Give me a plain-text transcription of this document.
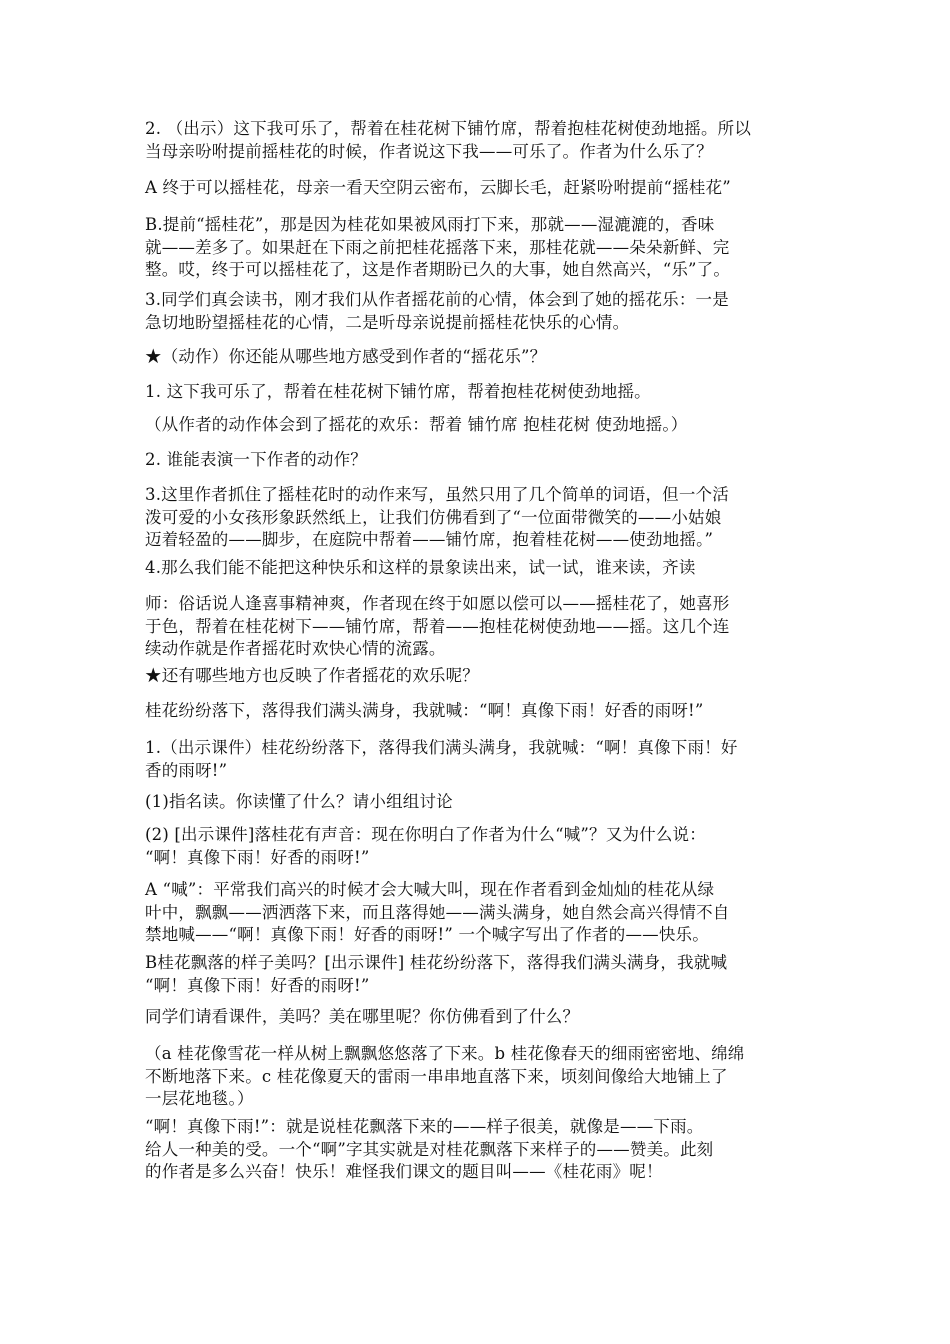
2. （出示）这下我可乐了，帮着在桂花树下铺竹席，帮着抱桂花树使劲地摇。所以
当母亲吩咐提前摇桂花的时候，作者说这下我——可乐了。作者为什么乐了？
A 终于可以摇桂花，母亲一看天空阴云密布，云脚长毛，赶紧吩咐提前“摇桂花”
B.提前“摇桂花”，那是因为桂花如果被风雨打下来，那就——湿漉漉的，香味
就——差多了。如果赶在下雨之前把桂花摇落下来，那桂花就——朵朵新鲜、完
整。哎，终于可以摇桂花了，这是作者期盼已久的大事，她自然高兴，“乐”了。
3.同学们真会读书，刚才我们从作者摇花前的心情，体会到了她的摇花乐：一是
急切地盼望摇桂花的心情，二是听母亲说提前摇桂花快乐的心情。
★（动作）你还能从哪些地方感受到作者的“摇花乐”？
1. 这下我可乐了，帮着在桂花树下铺竹席，帮着抱桂花树使劲地摇。
（从作者的动作体会到了摇花的欢乐：帮着 铺竹席 抱桂花树 使劲地摇。）
2. 谁能表演一下作者的动作？
3.这里作者抓住了摇桂花时的动作来写，虽然只用了几个简单的词语，但一个活
泼可爱的小女孩形象跃然纸上，让我们仿佛看到了“一位面带微笑的——小姑娘
迈着轻盈的——脚步，在庭院中帮着——铺竹席，抱着桂花树——使劲地摇。”
4.那么我们能不能把这种快乐和这样的景象读出来，试一试，谁来读，齐读
师：俗话说人逢喜事精神爽，作者现在终于如愿以偿可以——摇桂花了，她喜形
于色，帮着在桂花树下——铺竹席，帮着——抱桂花树使劲地——摇。这几个连
续动作就是作者摇花时欢快心情的流露。
★还有哪些地方也反映了作者摇花的欢乐呢？
桂花纷纷落下，落得我们满头满身，我就喊：“啊！真像下雨！好香的雨呀!”
1.（出示课件）桂花纷纷落下，落得我们满头满身，我就喊：“啊！真像下雨！好
香的雨呀!”
(1)指名读。你读懂了什么？请小组组讨论
(2) [出示课件]落桂花有声音：现在你明白了作者为什么“喊”？又为什么说：
“啊！真像下雨！好香的雨呀!”
A “喊”：平常我们高兴的时候才会大喊大叫，现在作者看到金灿灿的桂花从绿
叶中，飘飘——洒洒落下来，而且落得她——满头满身，她自然会高兴得情不自
禁地喊——“啊！真像下雨！好香的雨呀!” 一个喊字写出了作者的——快乐。
B桂花飘落的样子美吗？[出示课件] 桂花纷纷落下，落得我们满头满身，我就喊
“啊！真像下雨！好香的雨呀!”
同学们请看课件，美吗？美在哪里呢？你仿佛看到了什么？
（a 桂花像雪花一样从树上飘飘悠悠落了下来。b 桂花像春天的细雨密密地、绵绵
不断地落下来。c 桂花像夏天的雷雨一串串地直落下来，顷刻间像给大地铺上了
一层花地毯。）
“啊！真像下雨!”：就是说桂花飘落下来的——样子很美，就像是——下雨。
给人一种美的受。一个“啊”字其实就是对桂花飘落下来样子的——赞美。此刻
的作者是多么兴奋！快乐！难怪我们课文的题目叫——《桂花雨》呢！
